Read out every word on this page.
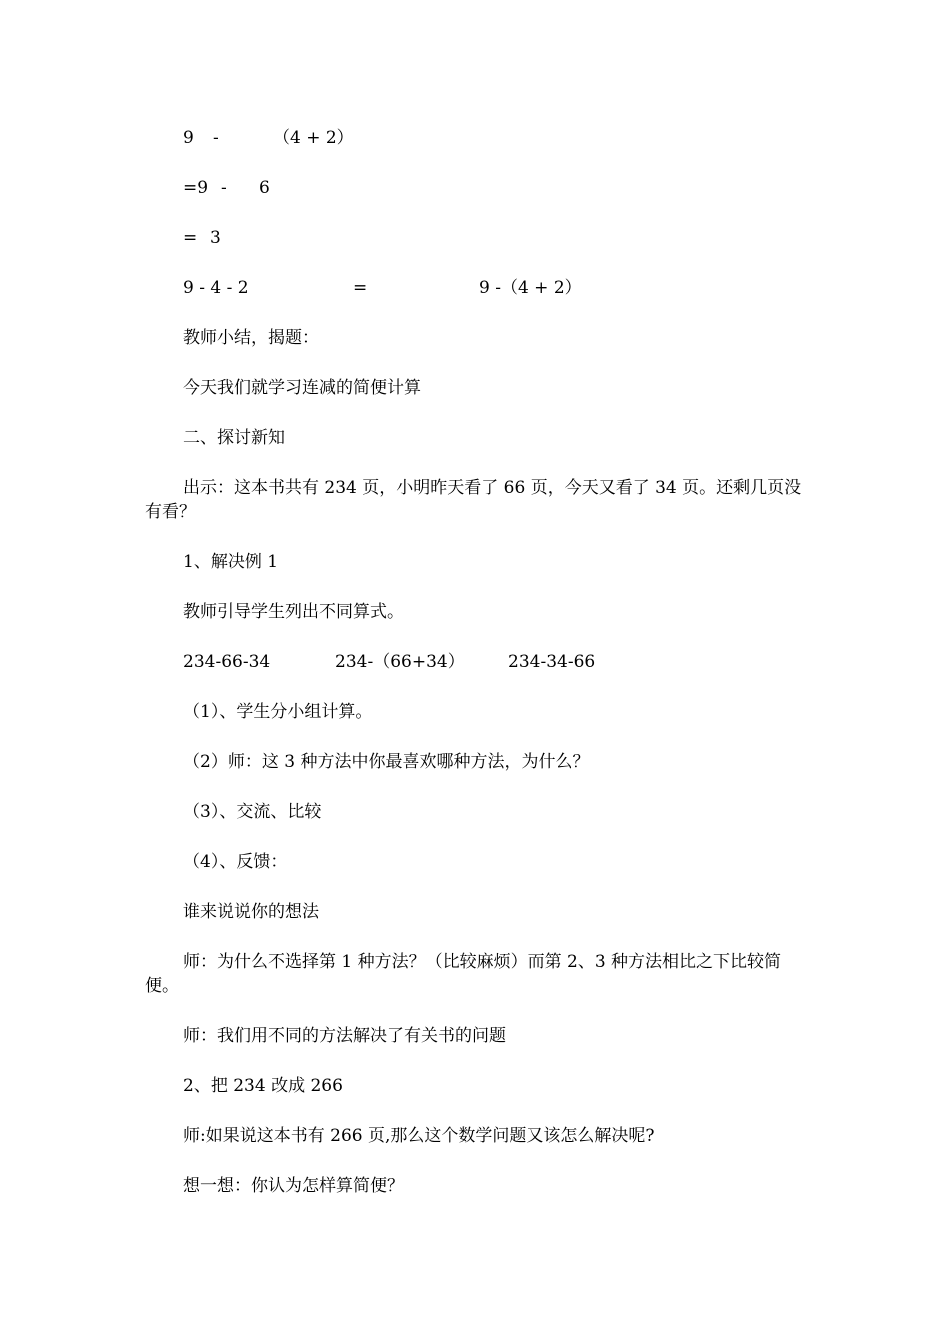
9 -	（4 + 2）
=9 - 6
= 3
9 - 4 - 2	=	9 -（4 + 2）
教师小结，揭题：
今天我们就学习连减的简便计算
二、探讨新知
出示：这本书共有 234 页，小明昨天看了 66 页，今天又看了 34 页。还剩几页没有看？
1、解决例 1
教师引导学生列出不同算式。
234-66-34	234-（66+34）	234-34-66
（1）、学生分小组计算。
（2）师：这 3 种方法中你最喜欢哪种方法，为什么？
（3）、交流、比较
（4）、反馈：
谁来说说你的想法
师：为什么不选择第 1 种方法？（比较麻烦）而第 2、3 种方法相比之下比较简便。
师：我们用不同的方法解决了有关书的问题
2、把 234 改成 266
师:如果说这本书有 266 页,那么这个数学问题又该怎么解决呢?
想一想：你认为怎样算简便？
